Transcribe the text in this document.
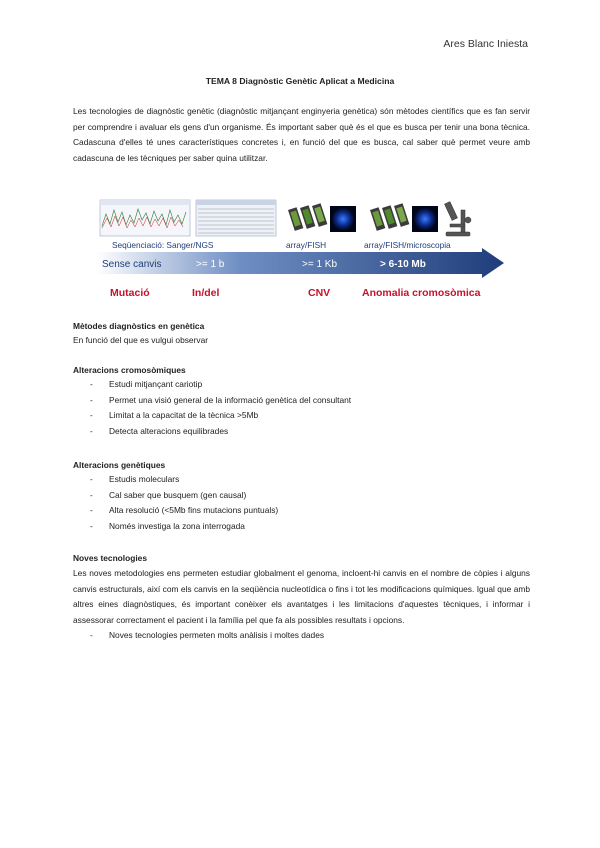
Ares Blanc Iniesta
TEMA 8 Diagnòstic Genètic Aplicat a Medicina
Les tecnologies de diagnòstic genètic (diagnòstic mitjançant enginyeria genètica) són mètodes científics que es fan servir per comprendre i avaluar els gens d'un organisme. És important saber què és el que es busca per tenir una bona tècnica. Cadascuna d'elles té unes característiques concretes i, en funció del que es busca, cal saber què permet veure amb cadascuna de les tècniques per saber quina utilitzar.
Seqüenciació: Sanger/NGS	array/FISH	array/FISH/microscopia
Sense canvis	>= 1 b	>= 1 Kb	> 6-10 Mb
Mutació	In/del	CNV	Anomalia cromosòmica
Mètodes diagnòstics en genètica
En funció del que es vulgui observar
Alteracions cromosòmiques
- Estudi mitjançant cariotip
- Permet una visió general de la informació genètica del consultant
- Limitat a la capacitat de la tècnica >5Mb
- Detecta alteracions equilibrades
Alteracions genètiques
- Estudis moleculars
- Cal saber que busquem (gen causal)
- Alta resolució (<5Mb fins mutacions puntuals)
- Només investiga la zona interrogada
Noves tecnologies
Les noves metodologies ens permeten estudiar globalment el genoma, incloent-hi canvis en el nombre de còpies i alguns canvis estructurals, així com els canvis en la seqüència nucleotídica o fins i tot les modificacions químiques. Igual que amb altres eines diagnòstiques, és important conèixer els avantatges i les limitacions d'aquestes tècniques, i informar i assessorar correctament el pacient i la família pel que fa als possibles resultats i opcions.
- Noves tecnologies permeten molts anàlisis i moltes dades
